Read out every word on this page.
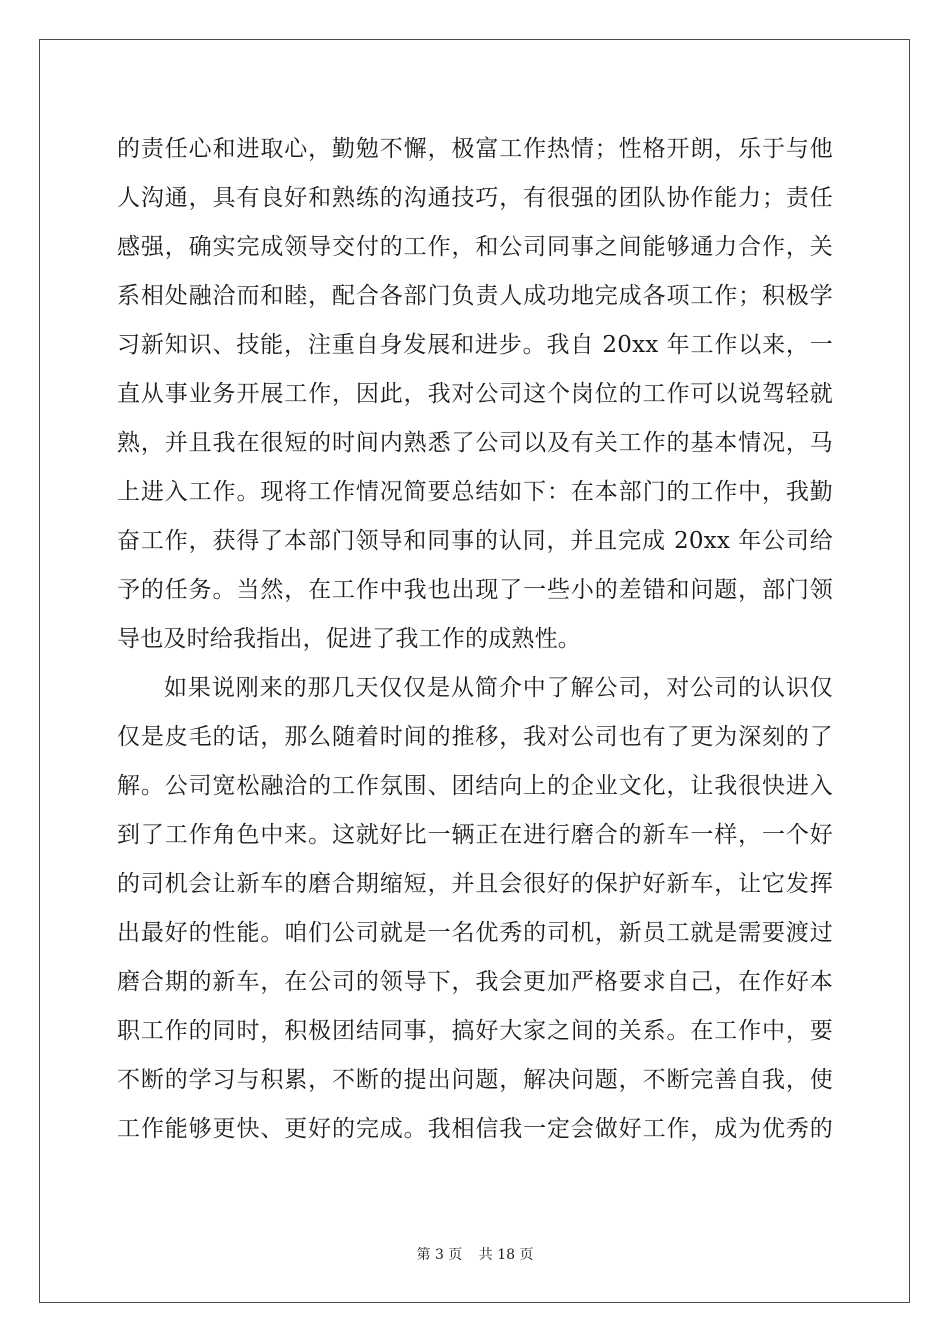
的责任心和进取心，勤勉不懈，极富工作热情；性格开朗，乐于与他
人沟通，具有良好和熟练的沟通技巧，有很强的团队协作能力；责任
感强，确实完成领导交付的工作，和公司同事之间能够通力合作，关
系相处融洽而和睦，配合各部门负责人成功地完成各项工作；积极学
习新知识、技能，注重自身发展和进步。我自 20xx 年工作以来，一
直从事业务开展工作，因此，我对公司这个岗位的工作可以说驾轻就
熟，并且我在很短的时间内熟悉了公司以及有关工作的基本情况，马
上进入工作。现将工作情况简要总结如下：在本部门的工作中，我勤
奋工作，获得了本部门领导和同事的认同，并且完成 20xx 年公司给
予的任务。当然，在工作中我也出现了一些小的差错和问题，部门领
导也及时给我指出，促进了我工作的成熟性。
如果说刚来的那几天仅仅是从简介中了解公司，对公司的认识仅
仅是皮毛的话，那么随着时间的推移，我对公司也有了更为深刻的了
解。公司宽松融洽的工作氛围、团结向上的企业文化，让我很快进入
到了工作角色中来。这就好比一辆正在进行磨合的新车一样，一个好
的司机会让新车的磨合期缩短，并且会很好的保护好新车，让它发挥
出最好的性能。咱们公司就是一名优秀的司机，新员工就是需要渡过
磨合期的新车，在公司的领导下，我会更加严格要求自己，在作好本
职工作的同时，积极团结同事，搞好大家之间的关系。在工作中，要
不断的学习与积累，不断的提出问题，解决问题，不断完善自我，使
工作能够更快、更好的完成。我相信我一定会做好工作，成为优秀的
第 3 页 共 18 页
